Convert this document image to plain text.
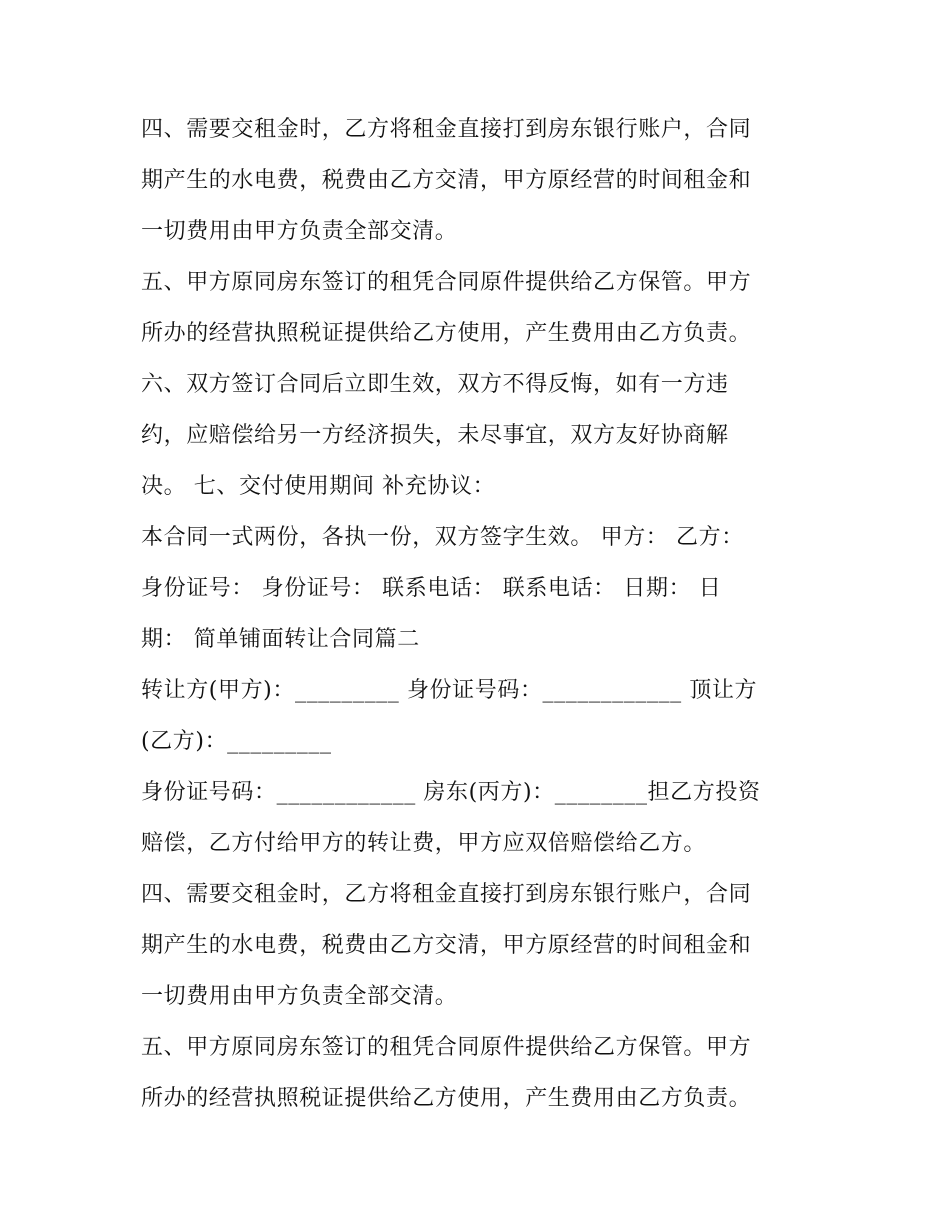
四、需要交租金时，乙方将租金直接打到房东银行账户，合同
期产生的水电费，税费由乙方交清，甲方原经营的时间租金和
一切费用由甲方负责全部交清。
五、甲方原同房东签订的租凭合同原件提供给乙方保管。甲方
所办的经营执照税证提供给乙方使用，产生费用由乙方负责。
六、双方签订合同后立即生效，双方不得反悔，如有一方违
约，应赔偿给另一方经济损失，未尽事宜，双方友好协商解
决。 七、交付使用期间 补充协议：
本合同一式两份，各执一份，双方签字生效。 甲方： 乙方：
身份证号： 身份证号： 联系电话： 联系电话： 日期： 日
期： 简单铺面转让合同篇二
转让方(甲方)：_________ 身份证号码：____________ 顶让方
(乙方)：_________
身份证号码：____________ 房东(丙方)：________担乙方投资
赔偿，乙方付给甲方的转让费，甲方应双倍赔偿给乙方。
四、需要交租金时，乙方将租金直接打到房东银行账户，合同
期产生的水电费，税费由乙方交清，甲方原经营的时间租金和
一切费用由甲方负责全部交清。
五、甲方原同房东签订的租凭合同原件提供给乙方保管。甲方
所办的经营执照税证提供给乙方使用，产生费用由乙方负责。
